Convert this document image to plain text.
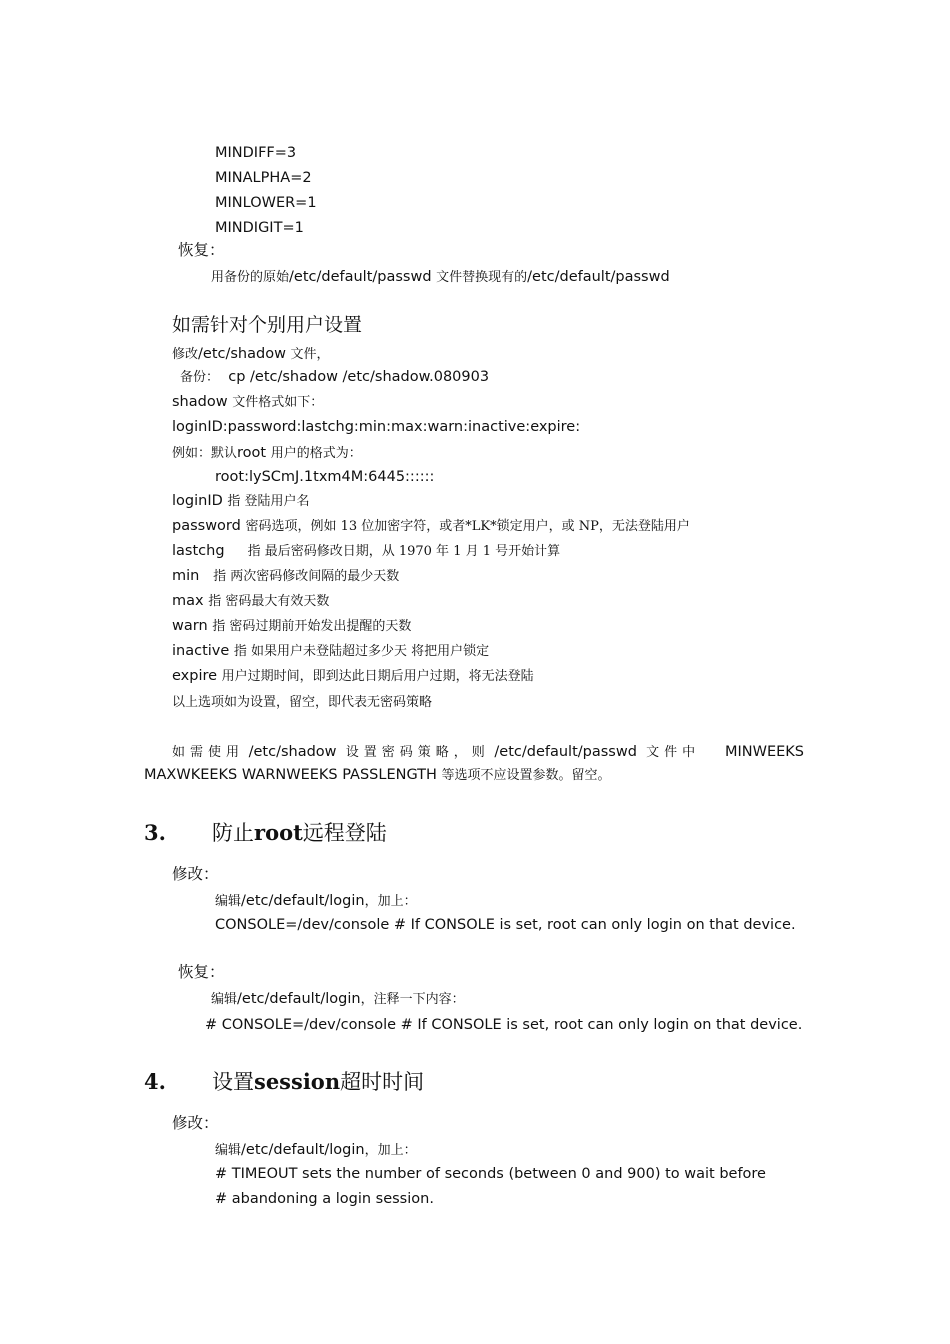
MINDIFF=3
MINALPHA=2
MINLOWER=1
MINDIGIT=1
恢复：
用备份的原始/etc/default/passwd 文件替换现有的/etc/default/passwd
如需针对个别用户设置
修改/etc/shadow 文件，
备份： cp /etc/shadow /etc/shadow.080903
shadow 文件格式如下：
loginID:password:lastchg:min:max:warn:inactive:expire:
例如：默认root 用户的格式为：
root:lySCmJ.1txm4M:6445::::::
loginID 指 登陆用户名
password 密码选项，例如 13 位加密字符，或者*LK*锁定用户，或 NP，无法登陆用户
lastchg 指 最后密码修改日期，从 1970 年 1 月 1 号开始计算
min 指 两次密码修改间隔的最少天数
max 指 密码最大有效天数
warn 指 密码过期前开始发出提醒的天数
inactive 指 如果用户未登陆超过多少天 将把用户锁定
expire 用户过期时间，即到达此日期后用户过期，将无法登陆
以上选项如为设置，留空，即代表无密码策略
如需使用 /etc/shadow 设置密码策略，则 /etc/default/passwd 文件中 MINWEEKS
MAXWKEEKS WARNWEEKS PASSLENGTH 等选项不应设置参数。留空。
3. 防止root远程登陆
修改：
编辑/etc/default/login，加上：
CONSOLE=/dev/console # If CONSOLE is set, root can only login on that device.
恢复：
编辑/etc/default/login，注释一下内容：
# CONSOLE=/dev/console # If CONSOLE is set, root can only login on that device.
4. 设置session超时时间
修改：
编辑/etc/default/login，加上：
# TIMEOUT sets the number of seconds (between 0 and 900) to wait before
# abandoning a login session.
